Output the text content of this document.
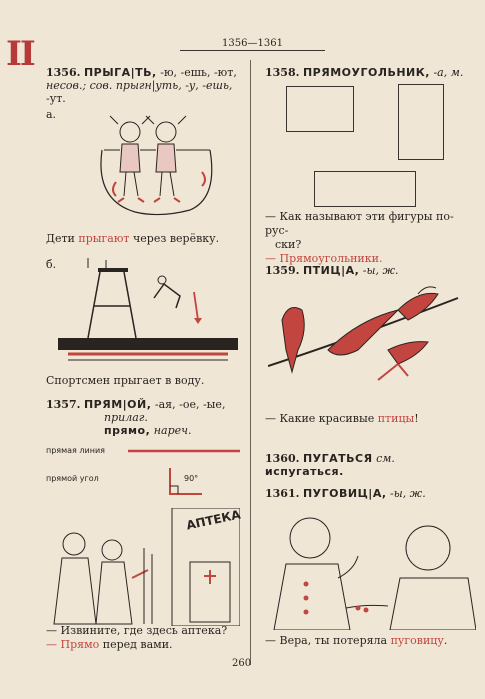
II	1356—1361
1356. ПРЫГА|ТЬ, -ю, -ешь, -ют,
несов.; сов. прыгн|уть, -у, -ешь,
-ут.
а.
Дети прыгают через верёвку.
б.
Спортсмен прыгает в воду.
1357. ПРЯМ|ОЙ, -ая, -ое, -ые,
прилаг.
прямо, нареч.
прямая линия
прямой угол	90°
АПТЕКА
— Извините, где здесь аптека?
— Прямо перед вами.
1358. ПРЯМОУГОЛЬНИК, -а, м.
— Как называют эти фигуры по-рус-
ски?
— Прямоугольники.
1359. ПТИЦ|А, -ы, ж.
— Какие красивые птицы!
1360. ПУГАТЬСЯ см. испугаться.
1361. ПУГОВИЦ|А, -ы, ж.
— Вера, ты потеряла пуговицу.
260
